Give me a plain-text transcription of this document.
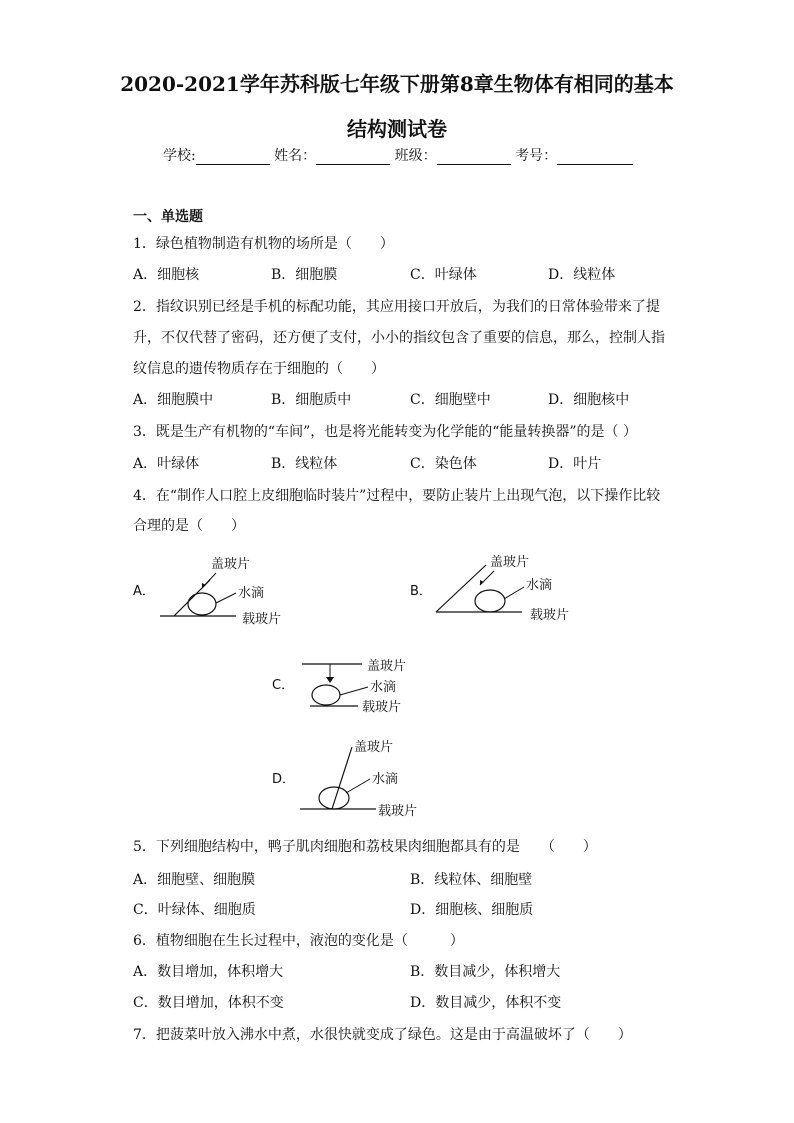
2020-2021学年苏科版七年级下册第8章生物体有相同的基本
结构测试卷
学校:	姓名：	班级：	考号：
一、单选题
1．绿色植物制造有机物的场所是（　　）
A．细胞核	B．细胞膜	C．叶绿体	D．线粒体
2．指纹识别已经是手机的标配功能，其应用接口开放后，为我们的日常体验带来了提
升，不仅代替了密码，还方便了支付，小小的指纹包含了重要的信息，那么，控制人指
纹信息的遗传物质存在于细胞的（　　）
A．细胞膜中	B．细胞质中	C．细胞壁中	D．细胞核中
3．既是生产有机物的“车间”，也是将光能转变为化学能的“能量转换器”的是（ ）
A．叶绿体	B．线粒体	C．染色体	D．叶片
4．在“制作人口腔上皮细胞临时装片”过程中，要防止装片上出现气泡，以下操作比较
合理的是（　　）
A．
盖玻片
水滴
载玻片
B．
盖玻片
水滴
载玻片
C．
盖玻片
水滴
载玻片
D．
盖玻片
水滴
载玻片
5．下列细胞结构中，鸭子肌肉细胞和荔枝果肉细胞都具有的是　　（　　）
A．细胞壁、细胞膜	B．线粒体、细胞壁
C．叶绿体、细胞质	D．细胞核、细胞质
6．植物细胞在生长过程中，液泡的变化是（　　　）
A．数目增加，体积增大	B．数目减少，体积增大
C．数目增加，体积不变	D．数目减少，体积不变
7．把菠菜叶放入沸水中煮，水很快就变成了绿色。这是由于高温破坏了（　　）
